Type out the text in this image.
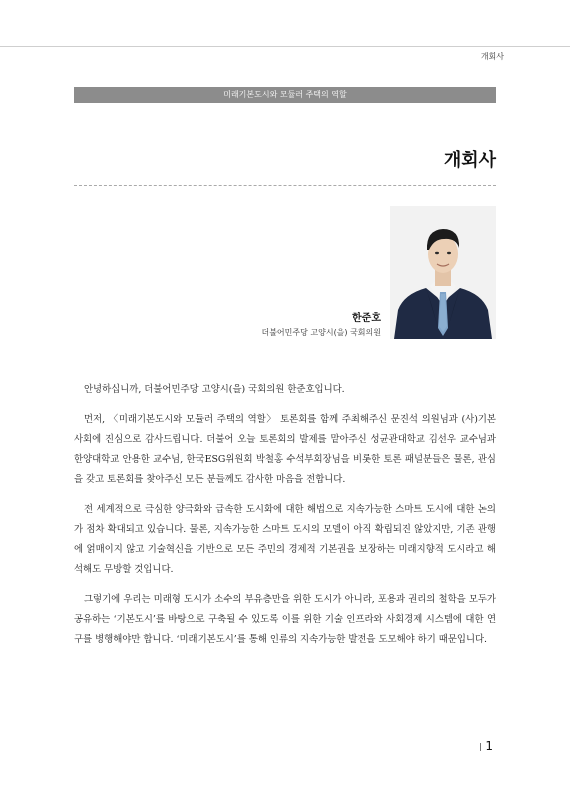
개회사
미래기본도시와 모듈러 주택의 역할
개회사
한준호
더불어민주당 고양시(을) 국회의원

안녕하십니까, 더불어민주당 고양시(을) 국회의원 한준호입니다.

먼저, 〈미래기본도시와 모듈러 주택의 역할〉 토론회를 함께 주최해주신 문진석 의원님과 (사)기본사회에 진심으로 감사드립니다. 더불어 오늘 토론회의 발제를 맡아주신 성균관대학교 김선우 교수님과 한양대학교 안용한 교수님, 한국ESG위원회 박철홍 수석부회장님을 비롯한 토론 패널분들은 물론, 관심을 갖고 토론회를 찾아주신 모든 분들께도 감사한 마음을 전합니다.

전 세계적으로 극심한 양극화와 급속한 도시화에 대한 해법으로 지속가능한 스마트 도시에 대한 논의가 점차 확대되고 있습니다. 물론, 지속가능한 스마트 도시의 모델이 아직 확립되진 않았지만, 기존 관행에 얽매이지 않고 기술혁신을 기반으로 모든 주민의 경제적 기본권을 보장하는 미래지향적 도시라고 해석해도 무방할 것입니다.

그렇기에 우리는 미래형 도시가 소수의 부유층만을 위한 도시가 아니라, 포용과 권리의 철학을 모두가 공유하는 ‘기본도시’를 바탕으로 구축될 수 있도록 이를 위한 기술 인프라와 사회경제 시스템에 대한 연구를 병행해야만 합니다. ‘미래기본도시’를 통해 인류의 지속가능한 발전을 도모해야 하기 때문입니다.

1
